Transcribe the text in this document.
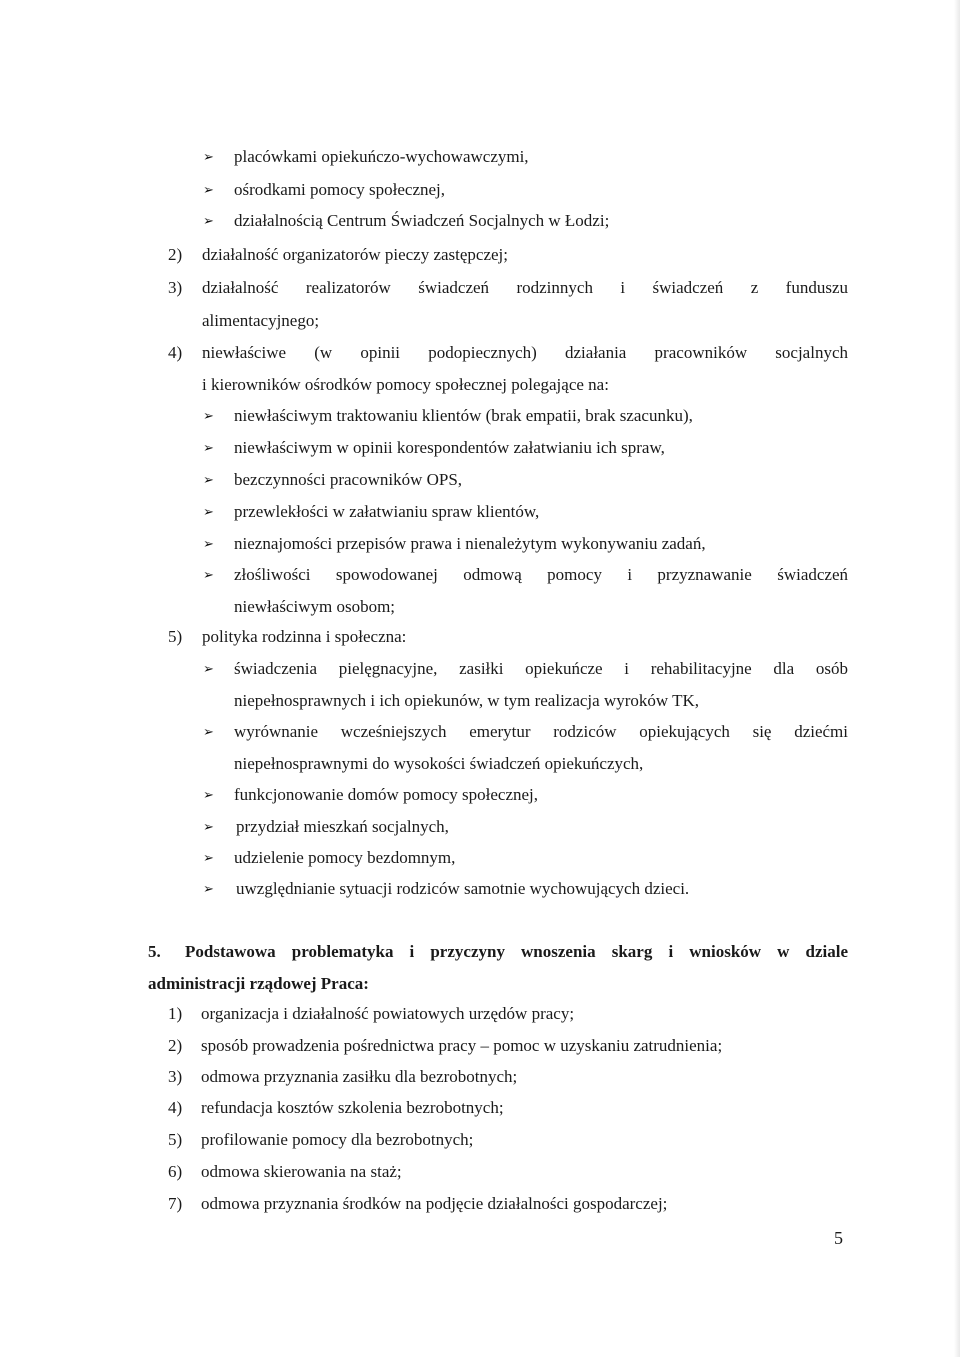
➢ placówkami opiekuńczo-wychowawczymi,
➢ ośrodkami pomocy społecznej,
➢ działalnością Centrum Świadczeń Socjalnych w Łodzi;
2) działalność organizatorów pieczy zastępczej;
3) działalność realizatorów świadczeń rodzinnych i świadczeń z funduszu
alimentacyjnego;
4) niewłaściwe (w opinii podopiecznych) działania pracowników socjalnych
i kierowników ośrodków pomocy społecznej polegające na:
➢ niewłaściwym traktowaniu klientów (brak empatii, brak szacunku),
➢ niewłaściwym w opinii korespondentów załatwianiu ich spraw,
➢ bezczynności pracowników OPS,
➢ przewlekłości w załatwianiu spraw klientów,
➢ nieznajomości przepisów prawa i nienależytym wykonywaniu zadań,
➢ złośliwości spowodowanej odmową pomocy i przyznawanie świadczeń
niewłaściwym osobom;
5) polityka rodzinna i społeczna:
➢ świadczenia pielęgnacyjne, zasiłki opiekuńcze i rehabilitacyjne dla osób
niepełnosprawnych i ich opiekunów, w tym realizacja wyroków TK,
➢ wyrównanie wcześniejszych emerytur rodziców opiekujących się dziećmi
niepełnosprawnymi do wysokości świadczeń opiekuńczych,
➢ funkcjonowanie domów pomocy społecznej,
➢ przydział mieszkań socjalnych,
➢ udzielenie pomocy bezdomnym,
➢ uwzględnianie sytuacji rodziców samotnie wychowujących dzieci.
5. Podstawowa problematyka i przyczyny wnoszenia skarg i wniosków w dziale
administracji rządowej Praca:
1) organizacja i działalność powiatowych urzędów pracy;
2) sposób prowadzenia pośrednictwa pracy – pomoc w uzyskaniu zatrudnienia;
3) odmowa przyznania zasiłku dla bezrobotnych;
4) refundacja kosztów szkolenia bezrobotnych;
5) profilowanie pomocy dla bezrobotnych;
6) odmowa skierowania na staż;
7) odmowa przyznania środków na podjęcie działalności gospodarczej;
5
